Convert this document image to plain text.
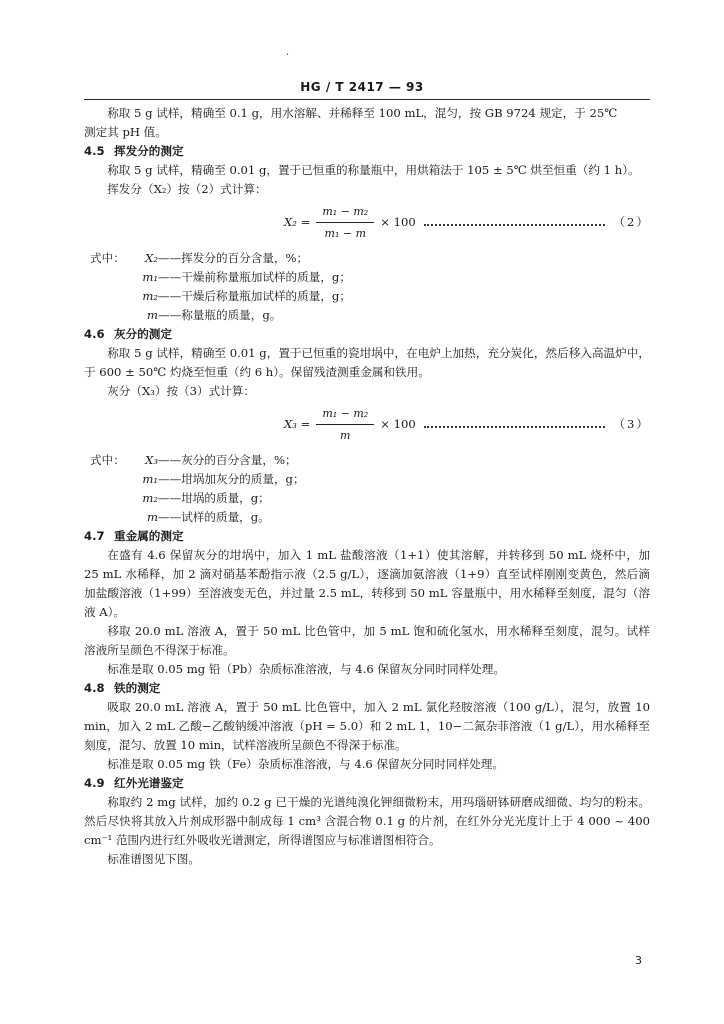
·
HG / T 2417 — 93

称取 5 g 试样，精确至 0.1 g，用水溶解、并稀释至 100 mL，混匀，按 GB 9724 规定，于 25℃

测定其 pH 值。

4.5 挥发分的测定

称取 5 g 试样，精确至 0.01 g，置于已恒重的称量瓶中，用烘箱法于 105 ± 5℃ 烘至恒重（约 1 h）。

挥发分（X₂）按（2）式计算：

$X_2 = \frac{\text{m₁ − m₂}}{\text{m₁ − m}} \times 100$	（2）
式中：	X₂ ——挥发分的百分含量，%；
m₁ ——干燥前称量瓶加试样的质量，g；
m₂ ——干燥后称量瓶加试样的质量，g；
m ——称量瓶的质量，g。
4.6 灰分的测定

称取 5 g 试样，精确至 0.01 g，置于已恒重的瓷坩埚中，在电炉上加热，充分炭化，然后移入高温炉中，于 600 ± 50℃ 灼烧至恒重（约 6 h）。保留残渣测重金属和铁用。

灰分（X₃）按（3）式计算：

$X_3 = \frac{\text{m₁ − m₂}}{m} \times 100$	（3）
式中：	X₃ ——灰分的百分含量，%；
m₁ ——坩埚加灰分的质量，g；
m₂ ——坩埚的质量，g；
m ——试样的质量，g。
4.7 重金属的测定

在盛有 4.6 保留灰分的坩埚中，加入 1 mL 盐酸溶液（1+1）使其溶解，并转移到 50 mL 烧杯中，加 25 mL 水稀释，加 2 滴对硝基苯酚指示液（2.5 g/L），逐滴加氨溶液（1+9）直至试样刚刚变黄色，然后滴加盐酸溶液（1+99）至溶液变无色，并过量 2.5 mL，转移到 50 mL 容量瓶中，用水稀释至刻度，混匀（溶液 A）。

移取 20.0 mL 溶液 A，置于 50 mL 比色管中，加 5 mL 饱和硫化氢水，用水稀释至刻度，混匀。试样溶液所呈颜色不得深于标准。

标准是取 0.05 mg 铅（Pb）杂质标准溶液，与 4.6 保留灰分同时同样处理。

4.8 铁的测定

吸取 20.0 mL 溶液 A，置于 50 mL 比色管中，加入 2 mL 氯化羟胺溶液（100 g/L），混匀，放置 10 min，加入 2 mL 乙酸−乙酸钠缓冲溶液（pH = 5.0）和 2 mL 1，10−二氮杂菲溶液（1 g/L），用水稀释至刻度，混匀、放置 10 min，试样溶液所呈颜色不得深于标准。

标准是取 0.05 mg 铁（Fe）杂质标准溶液，与 4.6 保留灰分同时同样处理。

4.9 红外光谱鉴定

称取约 2 mg 试样，加约 0.2 g 已干燥的光谱纯溴化钾细微粉末，用玛瑙研钵研磨成细微、均匀的粉末。然后尽快将其放入片剂成形器中制成每 1 cm³ 含混合物 0.1 g 的片剂，在红外分光光度计上于 4 000 ~ 400 cm⁻¹ 范围内进行红外吸收光谱测定，所得谱图应与标准谱图相符合。

标准谱图见下图。

3
